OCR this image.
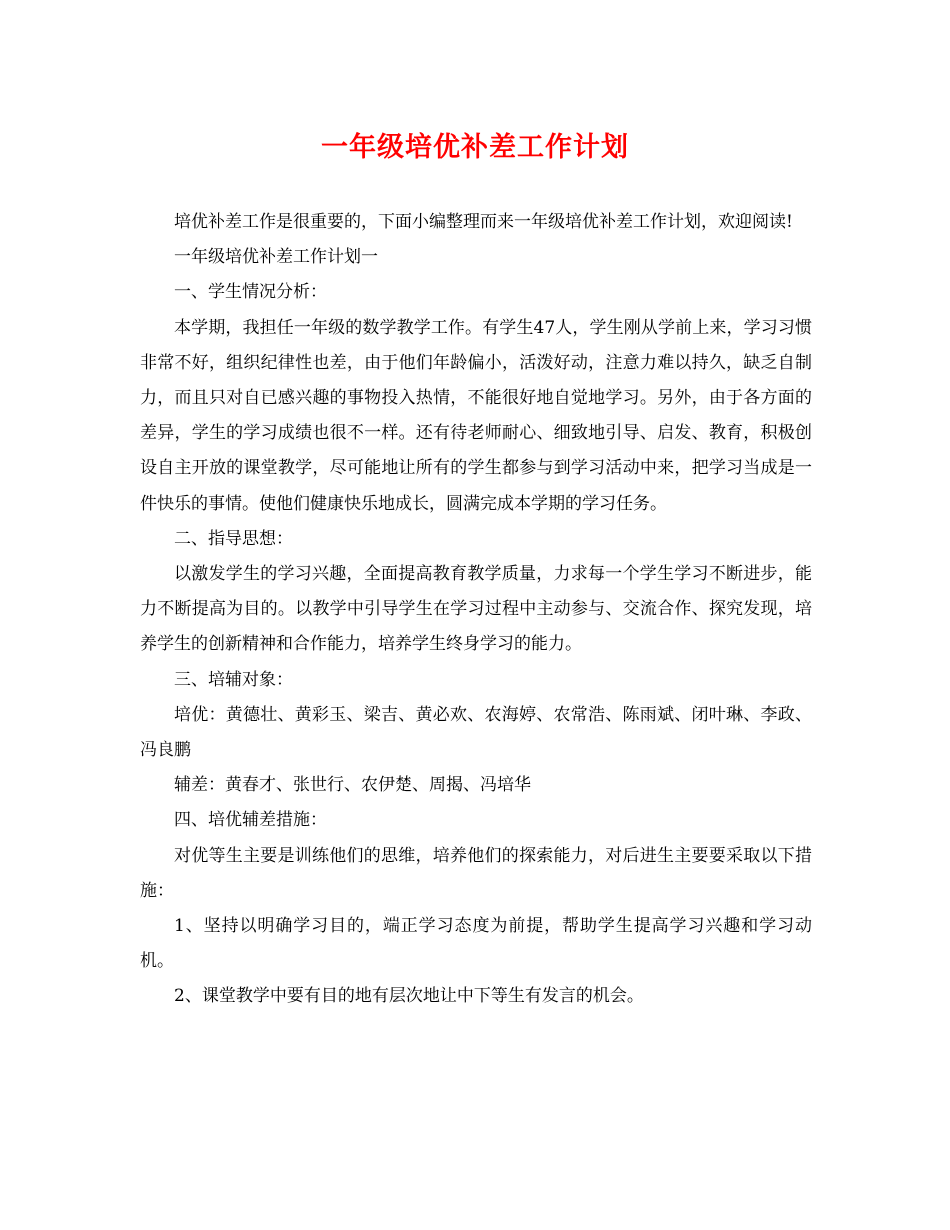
一年级培优补差工作计划

培优补差工作是很重要的，下面小编整理而来一年级培优补差工作计划，欢迎阅读!

一年级培优补差工作计划一

一、学生情况分析：

本学期，我担任一年级的数学教学工作。有学生47人，学生刚从学前上来，学习习惯非常不好，组织纪律性也差，由于他们年龄偏小，活泼好动，注意力难以持久，缺乏自制力，而且只对自已感兴趣的事物投入热情，不能很好地自觉地学习。另外，由于各方面的差异，学生的学习成绩也很不一样。还有待老师耐心、细致地引导、启发、教育，积极创设自主开放的课堂教学，尽可能地让所有的学生都参与到学习活动中来，把学习当成是一件快乐的事情。使他们健康快乐地成长，圆满完成本学期的学习任务。

二、指导思想：

以激发学生的学习兴趣，全面提高教育教学质量，力求每一个学生学习不断进步，能力不断提高为目的。以教学中引导学生在学习过程中主动参与、交流合作、探究发现，培养学生的创新精神和合作能力，培养学生终身学习的能力。

三、培辅对象：

培优：黄德壮、黄彩玉、梁吉、黄必欢、农海婷、农常浩、陈雨斌、闭叶琳、李政、冯良鹏

辅差：黄春才、张世行、农伊楚、周揭、冯培华

四、培优辅差措施：

对优等生主要是训练他们的思维，培养他们的探索能力，对后进生主要要采取以下措施：

1、坚持以明确学习目的，端正学习态度为前提，帮助学生提高学习兴趣和学习动机。

2、课堂教学中要有目的地有层次地让中下等生有发言的机会。
